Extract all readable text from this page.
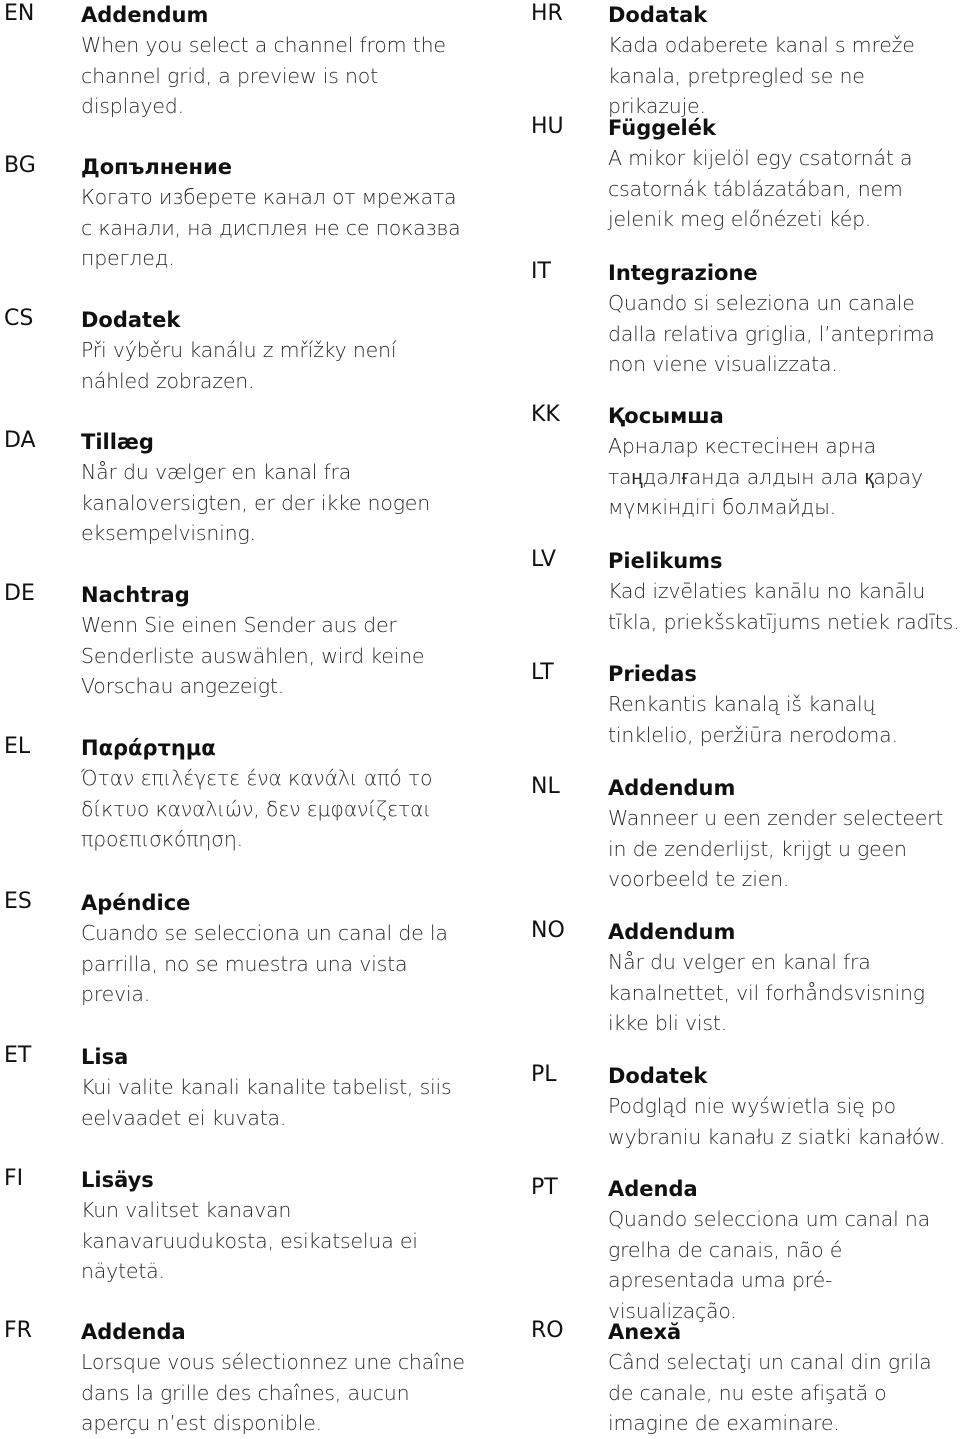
EN Addendum
When you select a channel from the channel grid, a preview is not displayed.
BG Допълнение
Когато изберете канал от мрежата с канали, на дисплея не се показва преглед.
CS Dodatek
Při výběru kanálu z mřížky není náhled zobrazen.
DA Tillæg
Når du vælger en kanal fra kanaloversigten, er der ikke nogen eksempelvisning.
DE Nachtrag
Wenn Sie einen Sender aus der Senderliste auswählen, wird keine Vorschau angezeigt.
EL Παράρτημα
Όταν επιλέγετε ένα κανάλι από το δίκτυο καναλιών, δεν εμφανίζεται προεπισκόπηση.
ES Apéndice
Cuando se selecciona un canal de la parrilla, no se muestra una vista previa.
ET Lisa
Kui valite kanali kanalite tabelist, siis eelvaadet ei kuvata.
FI	Lisäys
Kun valitset kanavan kanavaruudukosta, esikatselua ei näytetä.
FR Addenda
Lorsque vous sélectionnez une chaîne dans la grille des chaînes, aucun aperçu n’est disponible.
HR Dodatak
Kada odaberete kanal s mreže kanala, pretpregled se ne prikazuje.
HU Függelék
A mikor kijelöl egy csatornát a csatornák táblázatában, nem jelenik meg előnézeti kép.
IT	Integrazione
Quando si seleziona un canale dalla relativa griglia, l’anteprima non viene visualizzata.
KK Қосымша
Арналар кестесінен арна таңдалғанда алдын ала қарау мүмкіндігі болмайды.
LV Pielikums
Kad izvēlaties kanālu no kanālu tīkla, priekšskatījums netiek radīts.
LT	Priedas
Renkantis kanalą iš kanalų tinklelio, peržiūra nerodoma.
NL Addendum
Wanneer u een zender selecteert in de zenderlijst, krijgt u geen voorbeeld te zien.
NO Addendum
Når du velger en kanal fra kanalnettet, vil forhåndsvisning ikke bli vist.
PL Dodatek
Podgląd nie wyświetla się po wybraniu kanału z siatki kanałów.
PT Adenda
Quando selecciona um canal na grelha de canais, não é apresentada uma pré-visualização.
RO Anexă
Când selectaţi un canal din grila de canale, nu este afişată o imagine de examinare.
